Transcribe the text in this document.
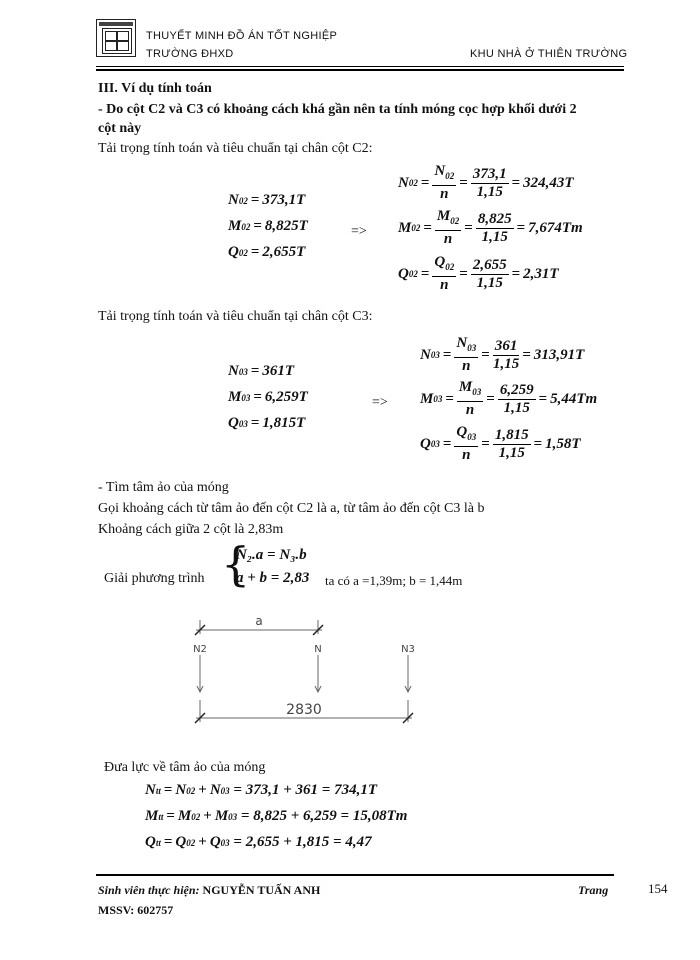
THUYẾT MINH ĐỒ ÁN TỐT NGHIỆP
TRƯỜNG ĐHXD	KHU NHÀ Ở THIÊN TRƯỜNG
III. Ví dụ tính toán
- Do cột C2 và C3 có khoảng cách khá gần nên ta tính móng cọc hợp khối dưới 2
cột này
Tải trọng tính toán và tiêu chuẩn tại chân cột C2:
N 02 = 373,1T
M 02 = 8,825T
Q 02 = 2,655T
=>
N $02 = \frac{N_{02}}{n} = \frac{373,1}{1,15} = 324,43T$
M $02 = \frac{M_{02}}{n} = \frac{8,825}{1,15} = 7,674Tm$
Q $02 = \frac{Q_{02}}{n} = \frac{2,655}{1,15} = 2,31T$
Tải trọng tính toán và tiêu chuẩn tại chân cột C3:
N 03 = 361T
M 03 = 6,259T
Q 03 = 1,815T
=>
N $03 = \frac{N_{03}}{n} = \frac{361}{1,15} = 313,91T$
M $03 = \frac{M_{03}}{n} = \frac{6,259}{1,15} = 5,44Tm$
Q $03 = \frac{Q_{03}}{n} = \frac{1,815}{1,15} = 1,58T$
- Tìm tâm ảo của móng
Gọi khoảng cách từ tâm ảo đến cột C2 là a, từ tâm ảo đến cột C3 là b
Khoảng cách giữa 2 cột là 2,83m
Giải phương trình {
N₂.a = N₃.b
a + b = 2,83 ta có a =1,39m; b = 1,44m
a
N2	N	N3
2830
Đưa lực về tâm ảo của móng
N tt = N 02 + N 03
= 373,1 + 361 = 734,1T
M tt = M 02 + M 03
= 8,825 + 6,259 = 15,08Tm
Q tt = Q 02 + Q 03
= 2,655 + 1,815 = 4,47
Sinh viên thực hiện: NGUYỄN TUẤN ANH	Trang	154
MSSV: 602757
